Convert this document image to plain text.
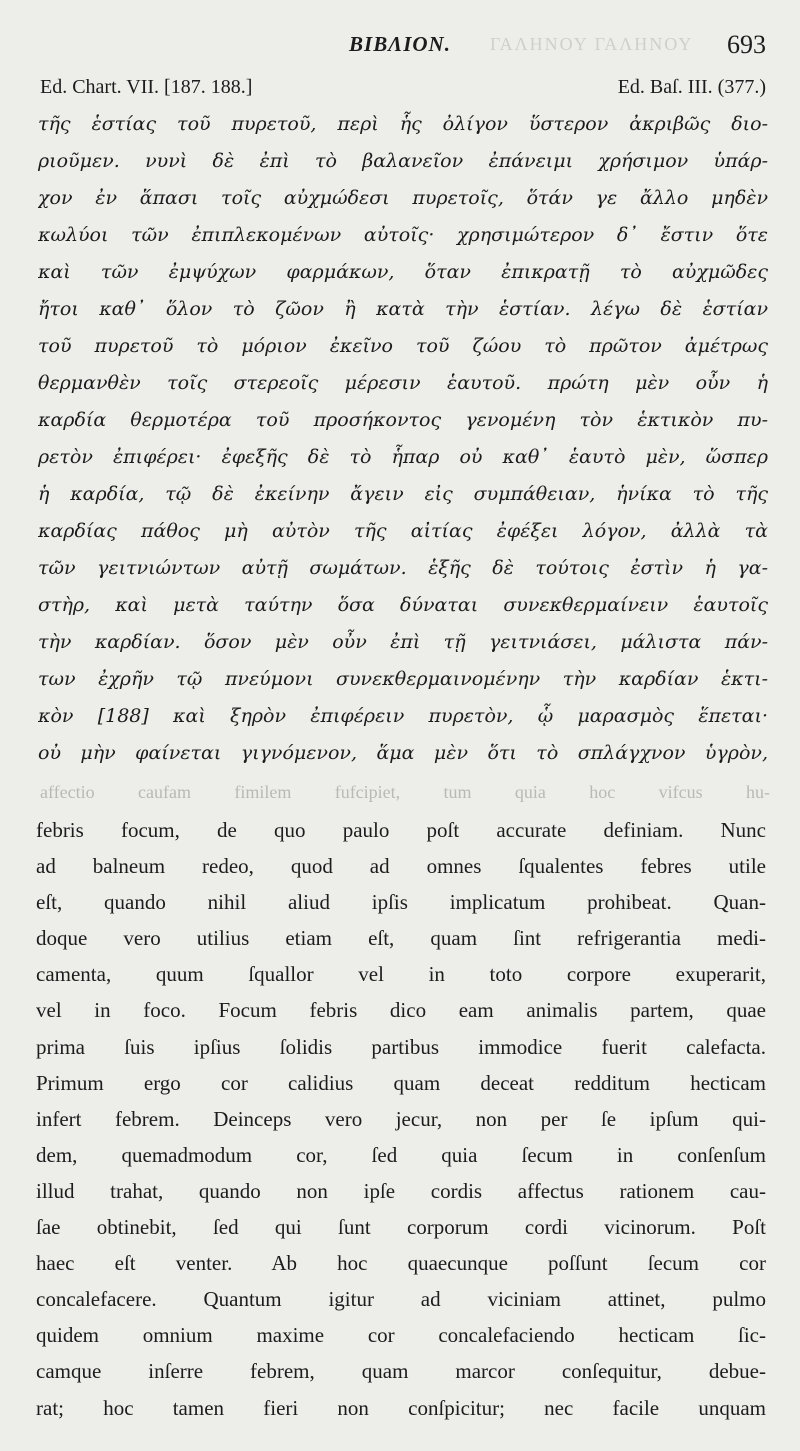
ΓΑΛΗΝΟΥ ΓΑΛΗΝΟΥ
BIBΛΙΟΝ.	693
Ed. Chart. VII. [187. 188.]	Ed. Baſ. III. (377.)
τῆς ἑστίας τοῦ πυρετοῦ, περὶ ἧς ὀλίγον ὕστερον ἀκριβῶς διο-
ριοῦμεν. νυνὶ δὲ ἐπὶ τὸ βαλανεῖον ἐπάνειμι χρήσιμον ὑπάρ-
χον ἐν ἅπασι τοῖς αὐχμώδεσι πυρετοῖς, ὅτάν γε ἄλλο μηδὲν
κωλύοι τῶν ἐπιπλεκομένων αὐτοῖς· χρησιμώτερον δ᾽ ἔστιν ὅτε
καὶ τῶν ἐμψύχων φαρμάκων, ὅταν ἐπικρατῇ τὸ αὐχμῶδες
ἤτοι καθ᾽ ὅλον τὸ ζῶον ἢ κατὰ τὴν ἑστίαν. λέγω δὲ ἑστίαν
τοῦ πυρετοῦ τὸ μόριον ἐκεῖνο τοῦ ζώου τὸ πρῶτον ἀμέτρως
θερμανθὲν τοῖς στερεοῖς μέρεσιν ἑαυτοῦ. πρώτη μὲν οὖν ἡ
καρδία θερμοτέρα τοῦ προσήκοντος γενομένη τὸν ἑκτικὸν πυ-
ρετὸν ἐπιφέρει· ἐφεξῆς δὲ τὸ ἧπαρ οὐ καθ᾽ ἑαυτὸ μὲν, ὥσπερ
ἡ καρδία, τῷ δὲ ἐκείνην ἄγειν εἰς συμπάθειαν, ἡνίκα τὸ τῆς
καρδίας πάθος μὴ αὐτὸν τῆς αἰτίας ἐφέξει λόγον, ἀλλὰ τὰ
τῶν γειτνιώντων αὐτῇ σωμάτων. ἑξῆς δὲ τούτοις ἐστὶν ἡ γα-
στὴρ, καὶ μετὰ ταύτην ὅσα δύναται συνεκθερμαίνειν ἑαυτοῖς
τὴν καρδίαν. ὅσον μὲν οὖν ἐπὶ τῇ γειτνιάσει, μάλιστα πάν-
των ἐχρῆν τῷ πνεύμονι συνεκθερμαινομένην τὴν καρδίαν ἑκτι-
κὸν [188] καὶ ξηρὸν ἐπιφέρειν πυρετὸν, ᾧ μαρασμὸς ἕπεται·
οὐ μὴν φαίνεται γιγνόμενον, ἅμα μὲν ὅτι τὸ σπλάγχνον ὑγρὸν,
affectio caufam fimilem fufcipiet, tum quia hoc vifcus hu-
febris focum, de quo paulo poſt accurate definiam. Nunc
ad balneum redeo, quod ad omnes ſqualentes febres utile
eſt, quando nihil aliud ipſis implicatum prohibeat. Quan-
doque vero utilius etiam eſt, quam ſint refrigerantia medi-
camenta, quum ſquallor vel in toto corpore exuperarit,
vel in foco. Focum febris dico eam animalis partem, quae
prima ſuis ipſius ſolidis partibus immodice fuerit calefacta.
Primum ergo cor calidius quam deceat redditum hecticam
infert febrem. Deinceps vero jecur, non per ſe ipſum qui-
dem, quemadmodum cor, ſed quia ſecum in conſenſum
illud trahat, quando non ipſe cordis affectus rationem cau-
ſae obtinebit, ſed qui ſunt corporum cordi vicinorum. Poſt
haec eſt venter. Ab hoc quaecunque poſſunt ſecum cor
concalefacere. Quantum igitur ad viciniam attinet, pulmo
quidem omnium maxime cor concalefaciendo hecticam ſic-
camque inſerre febrem, quam marcor conſequitur, debue-
rat; hoc tamen fieri non conſpicitur; nec facile unquam
